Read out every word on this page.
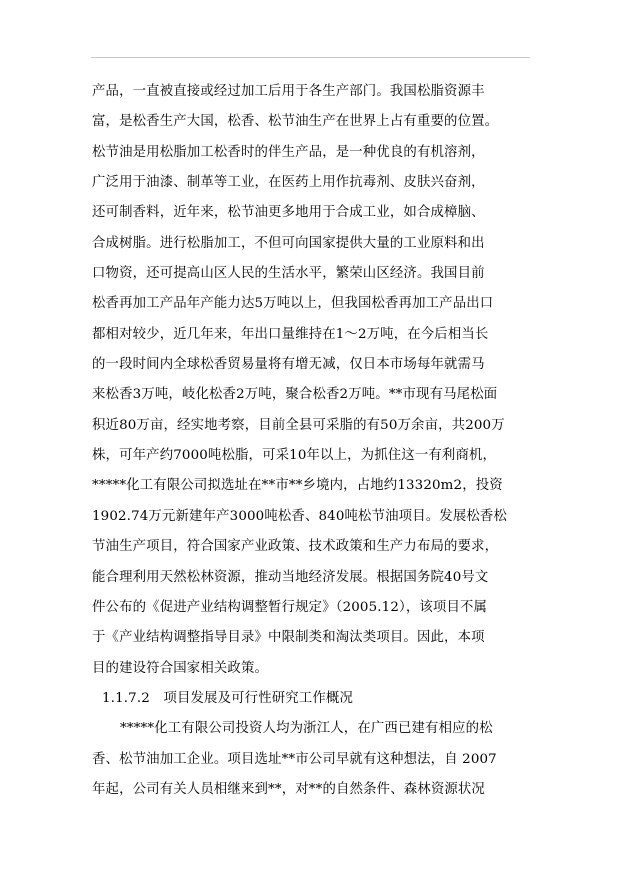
产品，一直被直接或经过加工后用于各生产部门。我国松脂资源丰
富，是松香生产大国，松香、松节油生产在世界上占有重要的位置。
松节油是用松脂加工松香时的伴生产品，是一种优良的有机溶剂，
广泛用于油漆、制革等工业，在医药上用作抗毒剂、皮肤兴奋剂，
还可制香料，近年来，松节油更多地用于合成工业，如合成樟脑、
合成树脂。进行松脂加工，不但可向国家提供大量的工业原料和出
口物资，还可提高山区人民的生活水平，繁荣山区经济。我国目前
松香再加工产品年产能力达5万吨以上，但我国松香再加工产品出口
都相对较少，近几年来，年出口量维持在1～2万吨，在今后相当长
的一段时间内全球松香贸易量将有增无减，仅日本市场每年就需马
来松香3万吨，岐化松香2万吨，聚合松香2万吨。**市现有马尾松面
积近80万亩，经实地考察，目前全县可采脂的有50万余亩，共200万
株，可年产约7000吨松脂，可采10年以上，为抓住这一有利商机，
*****化工有限公司拟选址在**市**乡境内，占地约13320m2，投资
1902.74万元新建年产3000吨松香、840吨松节油项目。发展松香松
节油生产项目，符合国家产业政策、技术政策和生产力布局的要求，
能合理利用天然松林资源，推动当地经济发展。根据国务院40号文
件公布的《促进产业结构调整暂行规定》（2005.12），该项目不属
于《产业结构调整指导目录》中限制类和淘汰类项目。因此，本项
目的建设符合国家相关政策。
1.1.7.2　项目发展及可行性研究工作概况
*****化工有限公司投资人均为浙江人，在广西已建有相应的松
香、松节油加工企业。项目选址**市公司早就有这种想法，自 2007
年起，公司有关人员相继来到**，对**的自然条件、森林资源状况
